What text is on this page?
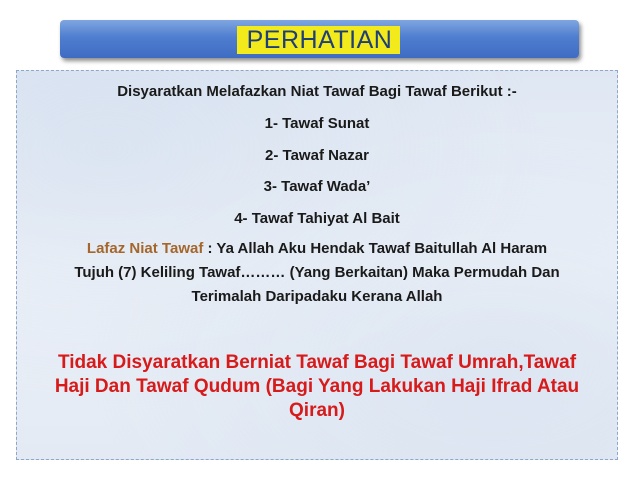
PERHATIAN
Disyaratkan Melafazkan Niat Tawaf Bagi Tawaf Berikut :-
1- Tawaf Sunat
2- Tawaf Nazar
3- Tawaf Wada’
4- Tawaf Tahiyat Al Bait
Lafaz Niat Tawaf : Ya Allah Aku Hendak Tawaf Baitullah Al Haram
Tujuh (7) Keliling Tawaf……… (Yang Berkaitan) Maka Permudah Dan
Terimalah Daripadaku Kerana Allah
Tidak Disyaratkan Berniat Tawaf Bagi Tawaf Umrah,Tawaf
Haji Dan Tawaf Qudum (Bagi Yang Lakukan Haji Ifrad Atau
Qiran)
